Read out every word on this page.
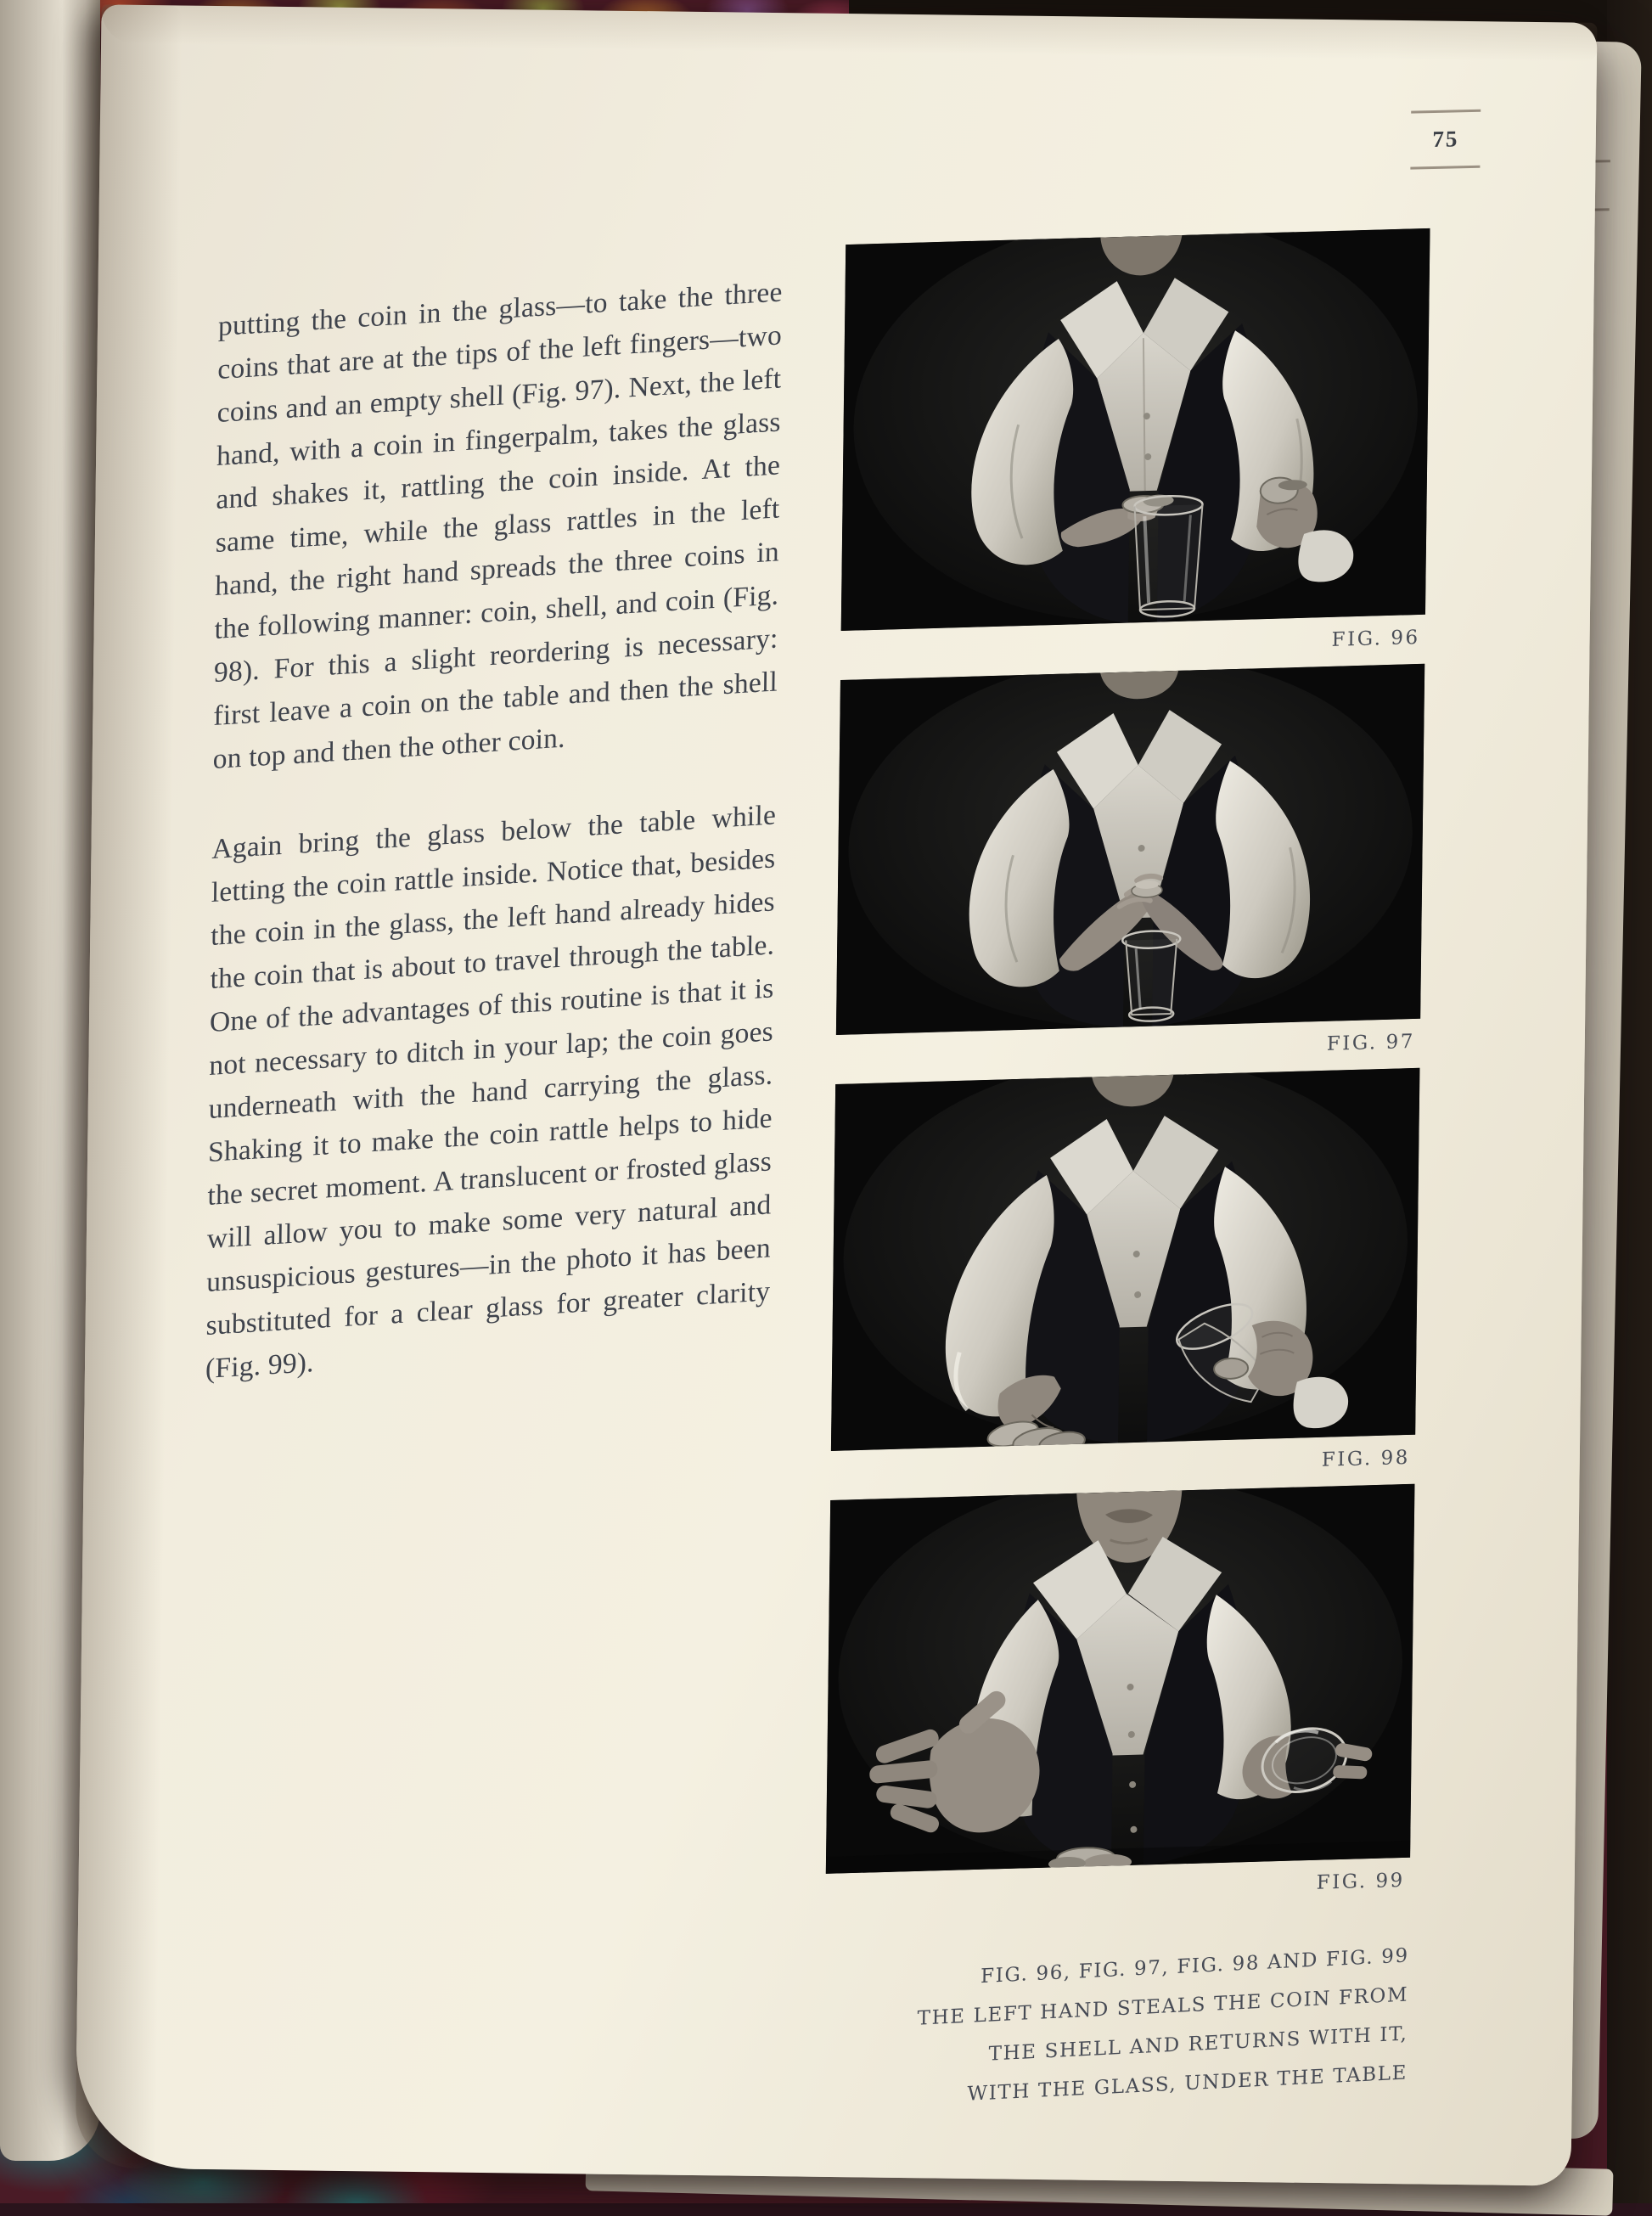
75

putting the coin in the glass—to take the three coins that are at the tips of the left fingers—two coins and an empty shell (Fig. 97). Next, the left hand, with a coin in fingerpalm, takes the glass and shakes it, rattling the coin inside. At the same time, while the glass rattles in the left hand, the right hand spreads the three coins in the following manner: coin, shell, and coin (Fig. 98). For this a slight reordering is necessary: first leave a coin on the table and then the shell on top and then the other coin.

Again bring the glass below the table while letting the coin rattle inside. Notice that, besides the coin in the glass, the left hand already hides the coin that is about to travel through the table. One of the advantages of this routine is that it is not necessary to ditch in your lap; the coin goes underneath with the hand carrying the glass. Shaking it to make the coin rattle helps to hide the secret moment. A translucent or frosted glass will allow you to make some very natural and unsuspicious gestures—in the photo it has been substituted for a clear glass for greater clarity (Fig. 99).

FIG. 96
FIG. 97
FIG. 98
FIG. 99
FIG. 96, FIG. 97, FIG. 98 AND FIG. 99
THE LEFT HAND STEALS THE COIN FROM
THE SHELL AND RETURNS WITH IT,
WITH THE GLASS, UNDER THE TABLE
